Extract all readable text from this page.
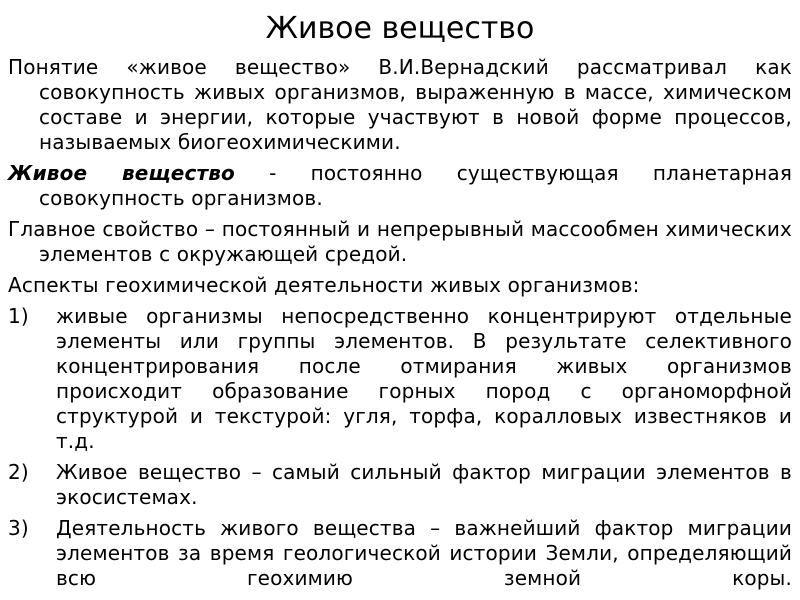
Живое вещество

Понятие «живое вещество» В.И.Вернадский рассматривал как совокупность живых организмов, выраженную в массе, химическом составе и энергии, которые участвуют в новой форме процессов, называемых биогеохимическими.

Живое вещество - постоянно существующая планетарная совокупность организмов.

Главное свойство – постоянный и непрерывный массообмен химических элементов с окружающей средой.

Аспекты геохимической деятельности живых организмов:

1) живые организмы непосредственно концентрируют отдельные элементы или группы элементов. В результате селективного концентрирования после отмирания живых организмов происходит образование горных пород с органоморфной структурой и текстурой: угля, торфа, коралловых известняков и т.д.
2) Живое вещество – самый сильный фактор миграции элементов в экосистемах.
3) Деятельность живого вещества – важнейший фактор миграции элементов за время геологической истории Земли, определяющий всю геохимию земной коры.
